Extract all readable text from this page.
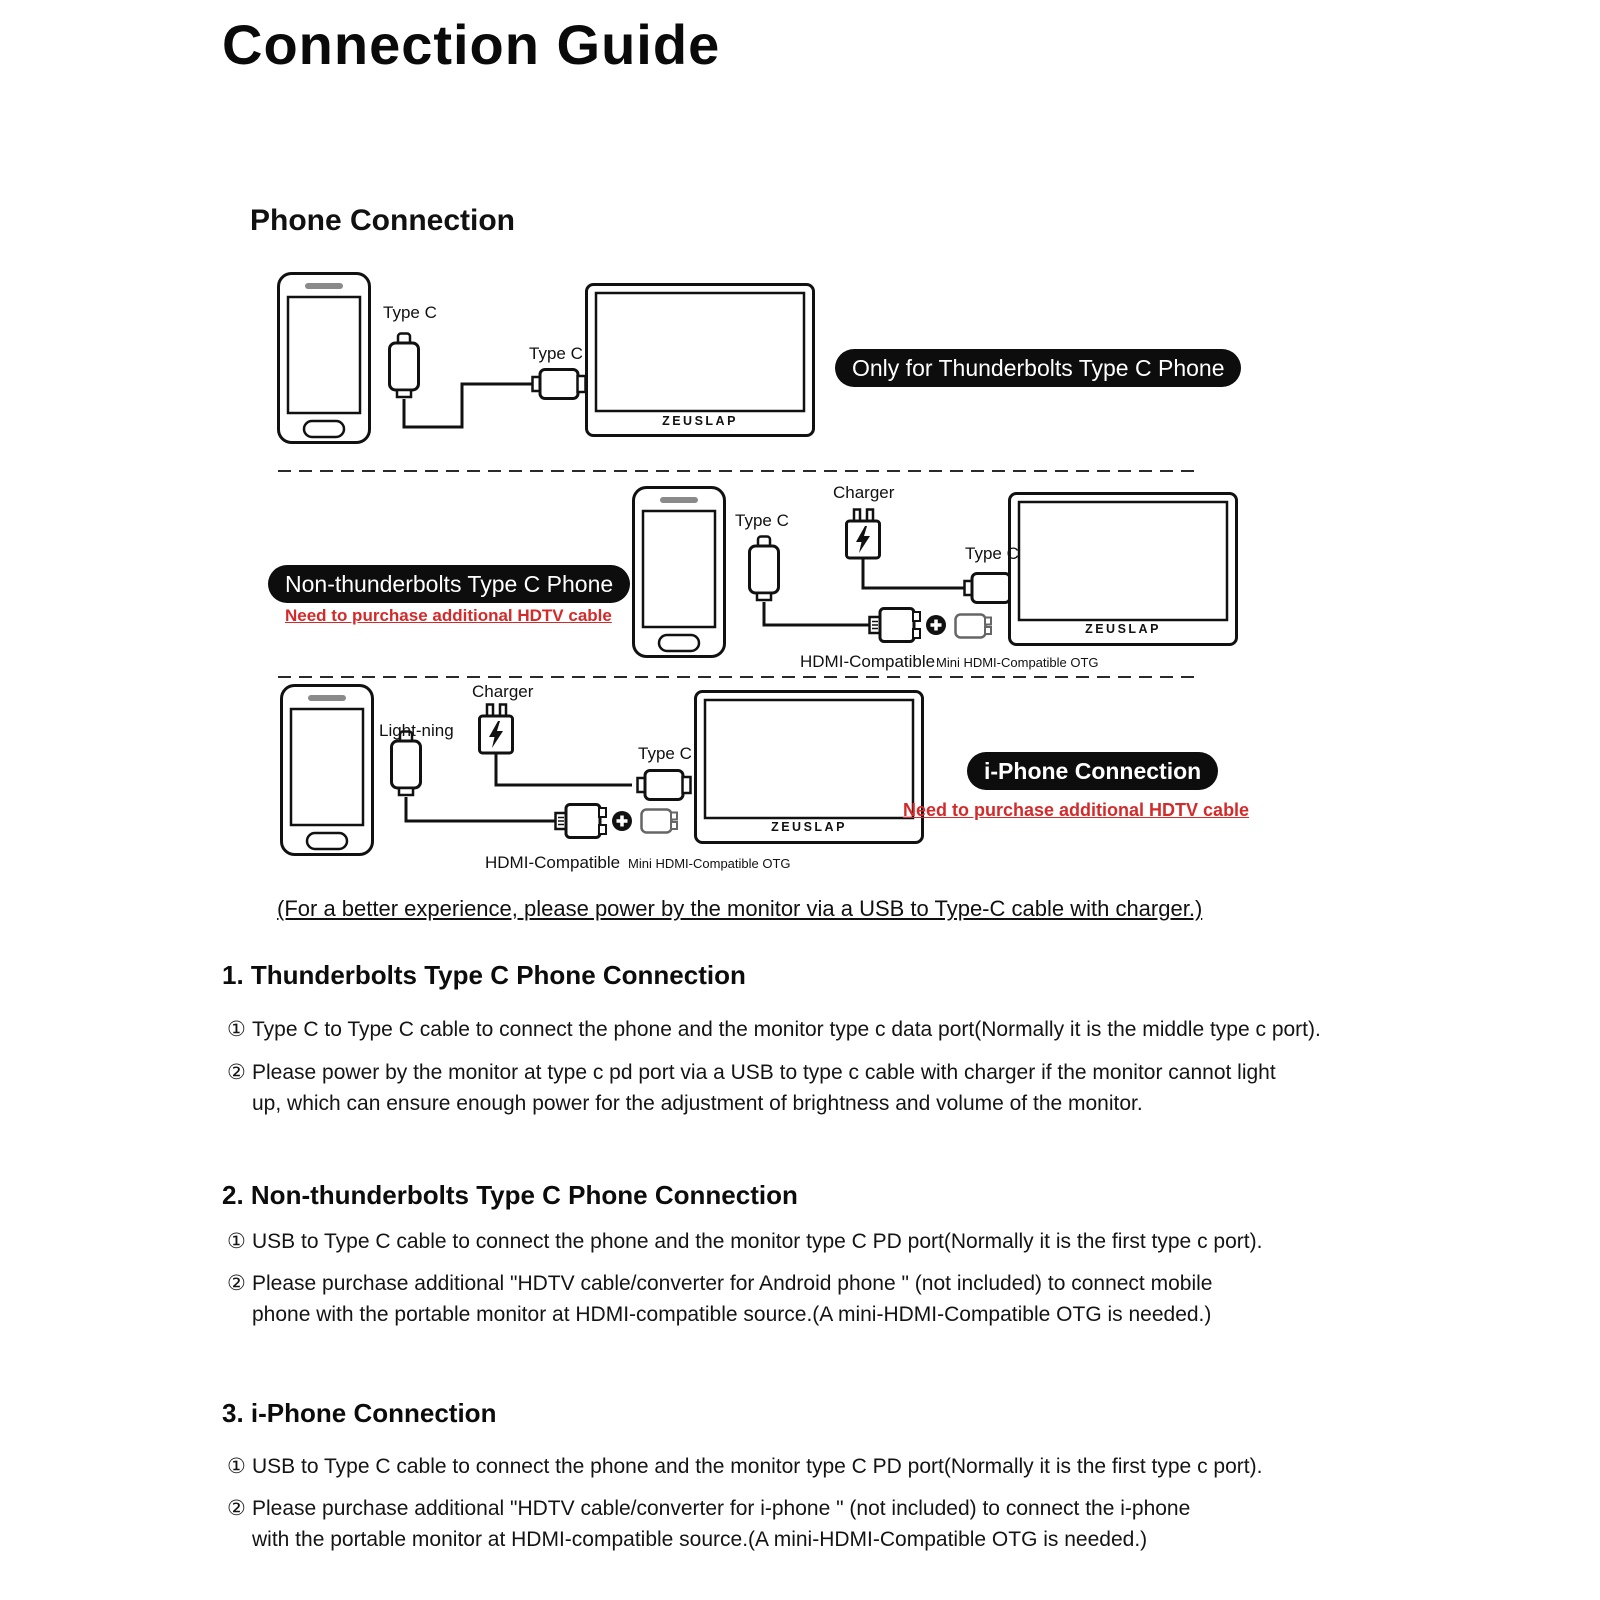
Connection Guide
Phone Connection
Type C
Type C
ZEUSLAP
Only for Thunderbolts Type C Phone
Non-thunderbolts Type C Phone
Need to purchase additional HDTV cable
Type C
Charger
Type C
ZEUSLAP
HDMI-Compatible Mini HDMI-Compatible OTG
Light-ning
Charger
Type C
ZEUSLAP
HDMI-Compatible Mini HDMI-Compatible OTG
i-Phone Connection
Need to purchase additional HDTV cable
(For a better experience, please power by the monitor via a USB to Type-C cable with charger.)
1. Thunderbolts Type C Phone Connection
① Type C to Type C cable to connect the phone and the monitor type c data port(Normally it is the middle type c port).
② Please power by the monitor at type c pd port via a USB to type c cable with charger if the monitor cannot light up, which can ensure enough power for the adjustment of brightness and volume of the monitor.
2. Non-thunderbolts Type C Phone Connection
① USB to Type C cable to connect the phone and the monitor type C PD port(Normally it is the first type c port).
② Please purchase additional "HDTV cable/converter for Android phone " (not included) to connect mobile phone with the portable monitor at HDMI-compatible source.(A mini-HDMI-Compatible OTG is needed.)
3. i-Phone Connection
① USB to Type C cable to connect the phone and the monitor type C PD port(Normally it is the first type c port).
② Please purchase additional "HDTV cable/converter for i-phone " (not included) to connect the i-phone with the portable monitor at HDMI-compatible source.(A mini-HDMI-Compatible OTG is needed.)
